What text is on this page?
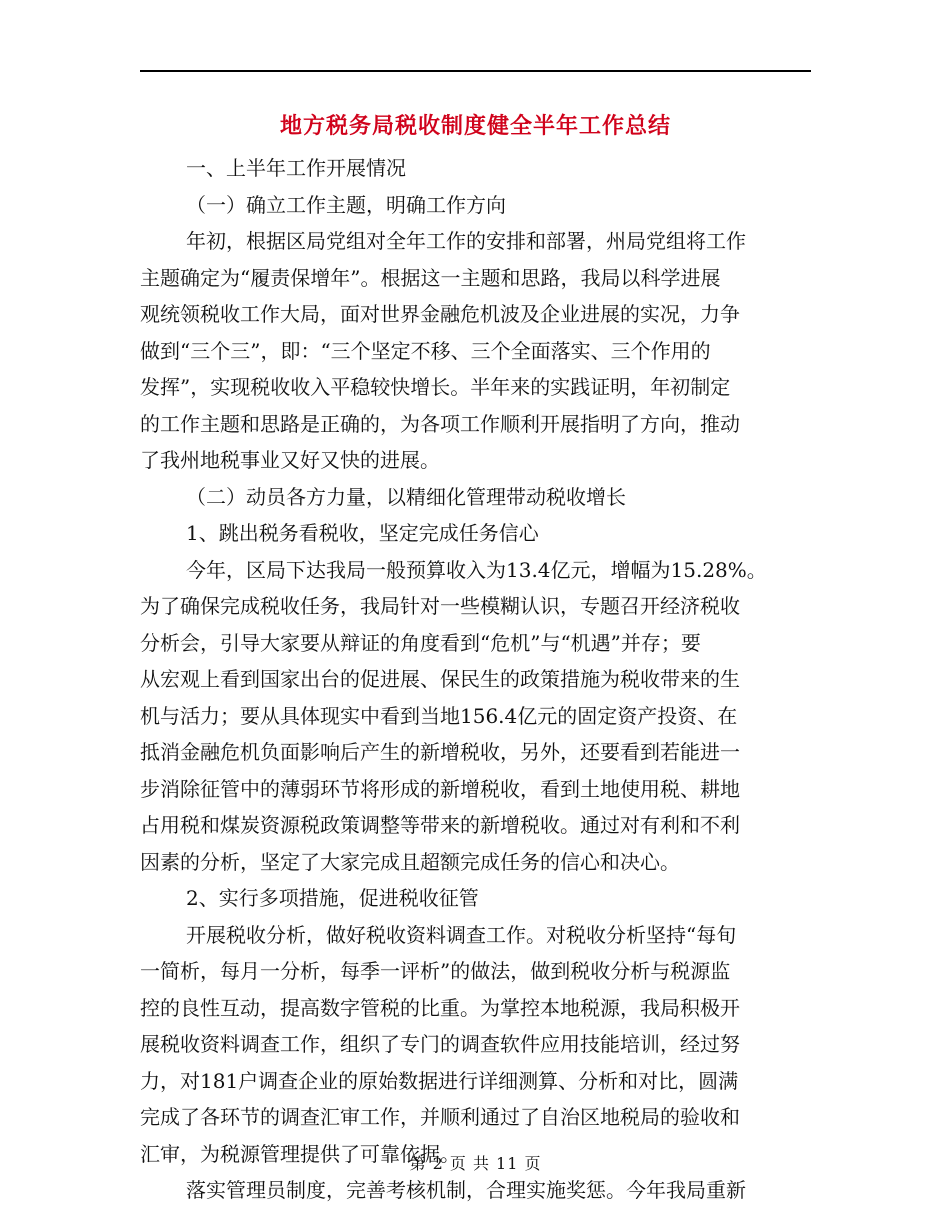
地方税务局税收制度健全半年工作总结
一、上半年工作开展情况
（一）确立工作主题，明确工作方向
年初，根据区局党组对全年工作的安排和部署，州局党组将工作
主题确定为“履责保增年”。根据这一主题和思路，我局以科学进展
观统领税收工作大局，面对世界金融危机波及企业进展的实况，力争
做到“三个三”，即：“三个坚定不移、三个全面落实、三个作用的
发挥”，实现税收收入平稳较快增长。半年来的实践证明，年初制定
的工作主题和思路是正确的，为各项工作顺利开展指明了方向，推动
了我州地税事业又好又快的进展。
（二）动员各方力量，以精细化管理带动税收增长
1、跳出税务看税收，坚定完成任务信心
今年，区局下达我局一般预算收入为13.4亿元，增幅为15.28%。
为了确保完成税收任务，我局针对一些模糊认识，专题召开经济税收
分析会，引导大家要从辩证的角度看到“危机”与“机遇”并存；要
从宏观上看到国家出台的促进展、保民生的政策措施为税收带来的生
机与活力；要从具体现实中看到当地156.4亿元的固定资产投资、在
抵消金融危机负面影响后产生的新增税收，另外，还要看到若能进一
步消除征管中的薄弱环节将形成的新增税收，看到土地使用税、耕地
占用税和煤炭资源税政策调整等带来的新增税收。通过对有利和不利
因素的分析，坚定了大家完成且超额完成任务的信心和决心。
2、实行多项措施，促进税收征管
开展税收分析，做好税收资料调查工作。对税收分析坚持“每旬
一简析，每月一分析，每季一评析”的做法，做到税收分析与税源监
控的良性互动，提高数字管税的比重。为掌控本地税源，我局积极开
展税收资料调查工作，组织了专门的调查软件应用技能培训，经过努
力，对181户调查企业的原始数据进行详细测算、分析和对比，圆满
完成了各环节的调查汇审工作，并顺利通过了自治区地税局的验收和
汇审，为税源管理提供了可靠依据。
落实管理员制度，完善考核机制，合理实施奖惩。今年我局重新
第 2 页 共 11 页
